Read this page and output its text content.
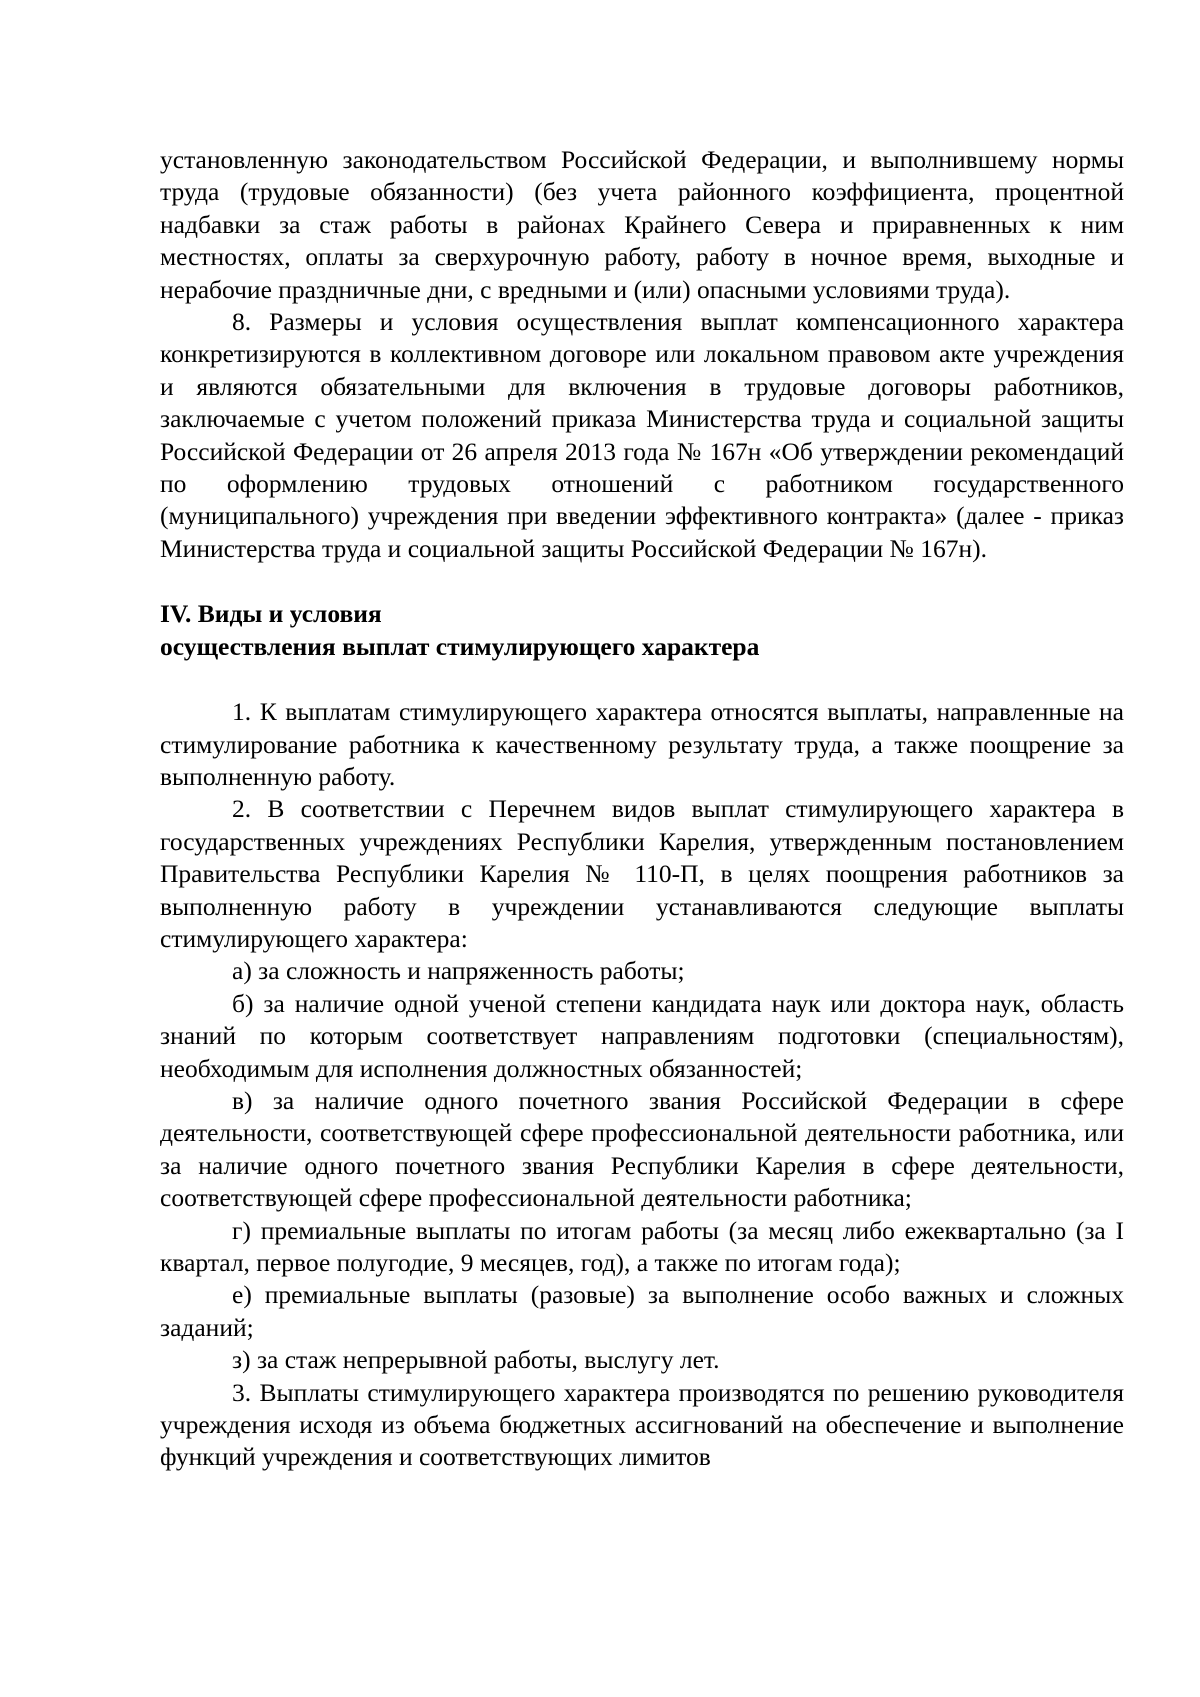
установленную законодательством Российской Федерации, и выполнившему нормы труда (трудовые обязанности) (без учета районного коэффициента, процентной надбавки за стаж работы в районах Крайнего Севера и приравненных к ним местностях, оплаты за сверхурочную работу, работу в ночное время, выходные и нерабочие праздничные дни, с вредными и (или) опасными условиями труда).

8. Размеры и условия осуществления выплат компенсационного характера конкретизируются в коллективном договоре или локальном правовом акте учреждения и являются обязательными для включения в трудовые договоры работников, заключаемые с учетом положений приказа Министерства труда и социальной защиты Российской Федерации от 26 апреля 2013 года № 167н «Об утверждении рекомендаций по оформлению трудовых отношений с работником государственного (муниципального) учреждения при введении эффективного контракта» (далее - приказ Министерства труда и социальной защиты Российской Федерации № 167н).

IV. Виды и условия

осуществления выплат стимулирующего характера

1. К выплатам стимулирующего характера относятся выплаты, направленные на стимулирование работника к качественному результату труда, а также поощрение за выполненную работу.

2. В соответствии с Перечнем видов выплат стимулирующего характера в государственных учреждениях Республики Карелия, утвержденным постановлением Правительства Республики Карелия № 110-П, в целях поощрения работников за выполненную работу в учреждении устанавливаются следующие выплаты стимулирующего характера:

а) за сложность и напряженность работы;

б) за наличие одной ученой степени кандидата наук или доктора наук, область знаний по которым соответствует направлениям подготовки (специальностям), необходимым для исполнения должностных обязанностей;

в) за наличие одного почетного звания Российской Федерации в сфере деятельности, соответствующей сфере профессиональной деятельности работника, или за наличие одного почетного звания Республики Карелия в сфере деятельности, соответствующей сфере профессиональной деятельности работника;

г) премиальные выплаты по итогам работы (за месяц либо ежеквартально (за I квартал, первое полугодие, 9 месяцев, год), а также по итогам года);

е) премиальные выплаты (разовые) за выполнение особо важных и сложных заданий;

з) за стаж непрерывной работы, выслугу лет.

3. Выплаты стимулирующего характера производятся по решению руководителя учреждения исходя из объема бюджетных ассигнований на обеспечение и выполнение функций учреждения и соответствующих лимитов
